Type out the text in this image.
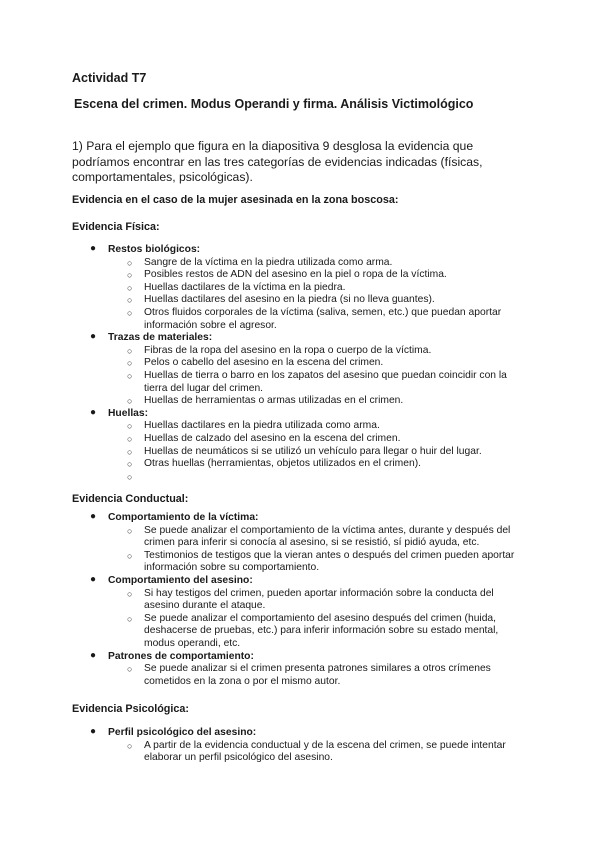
Actividad T7
Escena del crimen. Modus Operandi y firma. Análisis Victimológico
1) Para el ejemplo que figura en la diapositiva 9 desglosa la evidencia que podríamos encontrar en las tres categorías de evidencias indicadas (físicas, comportamentales, psicológicas).
Evidencia en el caso de la mujer asesinada en la zona boscosa:
Evidencia Física:
● Restos biológicos:
○ Sangre de la víctima en la piedra utilizada como arma.
○ Posibles restos de ADN del asesino en la piel o ropa de la víctima.
○ Huellas dactilares de la víctima en la piedra.
○ Huellas dactilares del asesino en la piedra (si no lleva guantes).
○ Otros fluidos corporales de la víctima (saliva, semen, etc.) que puedan aportar información sobre el agresor.
● Trazas de materiales:
○ Fibras de la ropa del asesino en la ropa o cuerpo de la víctima.
○ Pelos o cabello del asesino en la escena del crimen.
○ Huellas de tierra o barro en los zapatos del asesino que puedan coincidir con la tierra del lugar del crimen.
○ Huellas de herramientas o armas utilizadas en el crimen.
● Huellas:
○ Huellas dactilares en la piedra utilizada como arma.
○ Huellas de calzado del asesino en la escena del crimen.
○ Huellas de neumáticos si se utilizó un vehículo para llegar o huir del lugar.
○ Otras huellas (herramientas, objetos utilizados en el crimen).
○

Evidencia Conductual:
● Comportamiento de la víctima:
○ Se puede analizar el comportamiento de la víctima antes, durante y después del crimen para inferir si conocía al asesino, si se resistió, sí pidió ayuda, etc.
○ Testimonios de testigos que la vieran antes o después del crimen pueden aportar información sobre su comportamiento.
● Comportamiento del asesino:
○ Si hay testigos del crimen, pueden aportar información sobre la conducta del asesino durante el ataque.
○ Se puede analizar el comportamiento del asesino después del crimen (huida, deshacerse de pruebas, etc.) para inferir información sobre su estado mental, modus operandi, etc.
● Patrones de comportamiento:
○ Se puede analizar si el crimen presenta patrones similares a otros crímenes cometidos en la zona o por el mismo autor.
Evidencia Psicológica:
● Perfil psicológico del asesino:
○ A partir de la evidencia conductual y de la escena del crimen, se puede intentar elaborar un perfil psicológico del asesino.
